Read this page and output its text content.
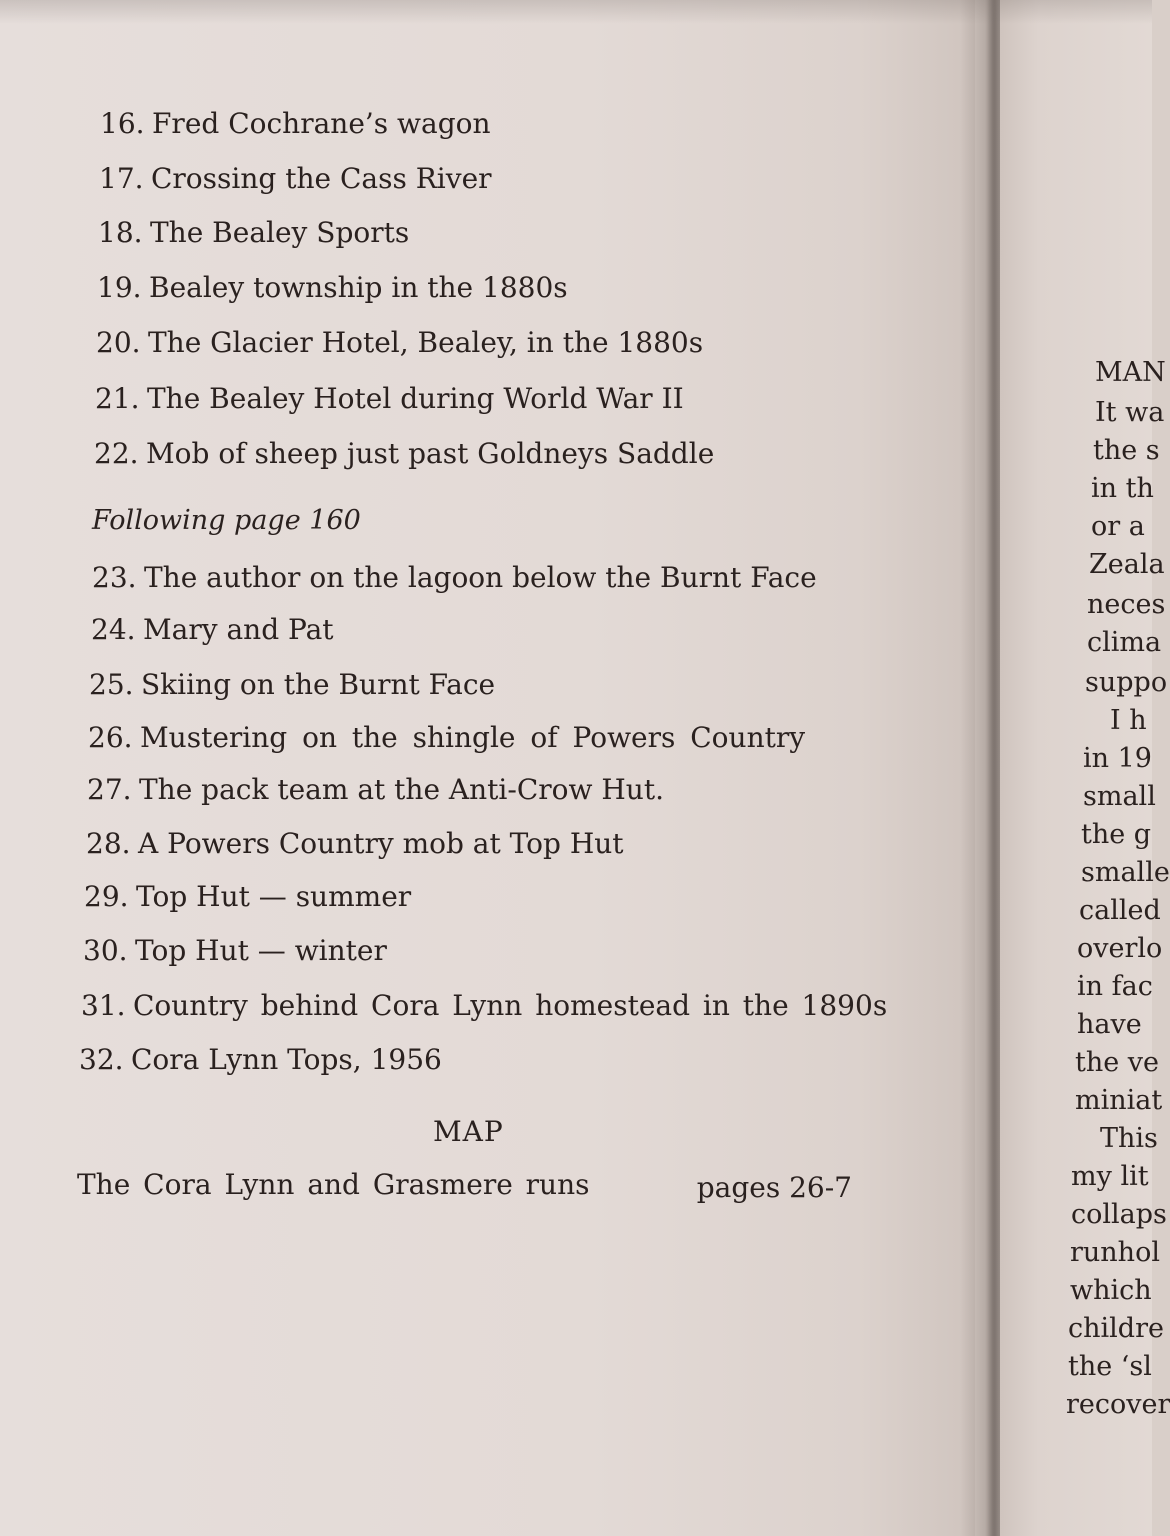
MAN
It wa
the s
in th
or a
Zeala
neces
clima
suppo
I h
in 19
small
the g
smalle
called
overlo
in fac
have
the ve
miniat
This
my lit
collaps
runhol
which
childre
the ‘sl
recover
16. Fred Cochrane’s wagon
17. Crossing the Cass River
18. The Bealey Sports
19. Bealey township in the 1880s
20. The Glacier Hotel, Bealey, in the 1880s
21. The Bealey Hotel during World War II
22. Mob of sheep just past Goldneys Saddle
Following page 160
23. The author on the lagoon below the Burnt Face
24. Mary and Pat
25. Skiing on the Burnt Face
26. Mustering on the shingle of Powers Country
27. The pack team at the Anti-Crow Hut.
28. A Powers Country mob at Top Hut
29. Top Hut — summer
30. Top Hut — winter
31. Country behind Cora Lynn homestead in the 1890s
32. Cora Lynn Tops, 1956
MAP
The Cora Lynn and Grasmere runs	pages 26-7
